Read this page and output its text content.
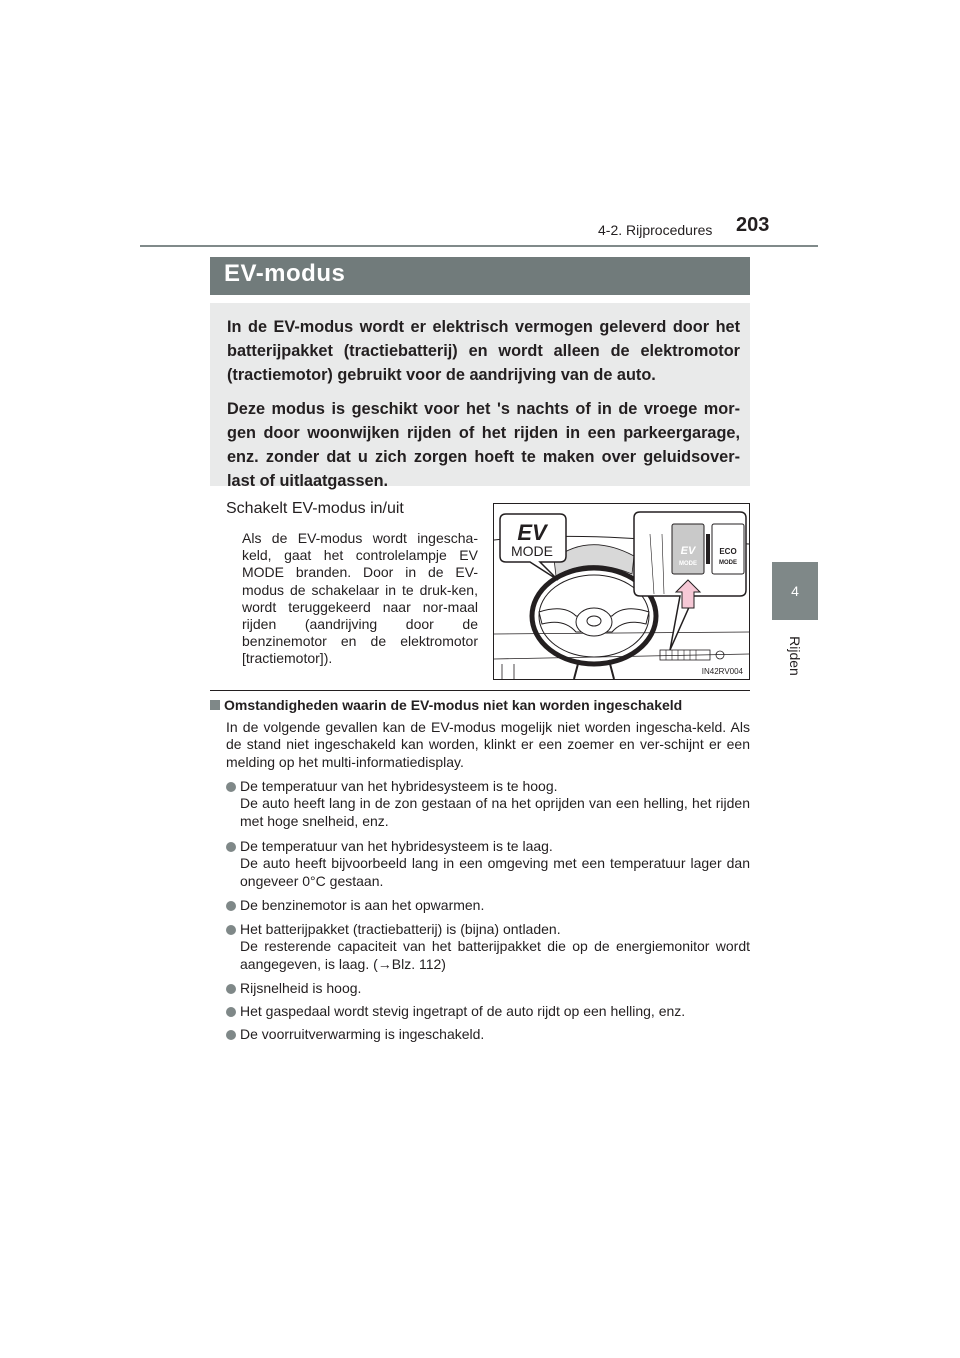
4-2. Rijprocedures 203
4
Rijden
EV-modus

In de EV-modus wordt er elektrisch vermogen geleverd door het batterijpakket (tractiebatterij) en wordt alleen de elektromotor (tractiemotor) gebruikt voor de aandrijving van de auto.

Deze modus is geschikt voor het 's nachts of in de vroege mor-gen door woonwijken rijden of het rijden in een parkeergarage, enz. zonder dat u zich zorgen hoeft te maken over geluidsover-last of uitlaatgassen.

Schakelt EV-modus in/uit
Als de EV-modus wordt ingescha-keld, gaat het controlelampje EV MODE branden. Door in de EV-modus de schakelaar in te druk-ken, wordt teruggekeerd naar nor-maal rijden (aandrijving door de benzinemotor en de elektromotor [tractiemotor]).
EV
MODE	EV
MODE
ECO
MODE
IN42RV004
Omstandigheden waarin de EV-modus niet kan worden ingeschakeld
In de volgende gevallen kan de EV-modus mogelijk niet worden ingescha-keld. Als de stand niet ingeschakeld kan worden, klinkt er een zoemer en ver-schijnt er een melding op het multi-informatiedisplay.
De temperatuur van het hybridesysteem is te hoog.
De auto heeft lang in de zon gestaan of na het oprijden van een helling, het rijden met hoge snelheid, enz.
De temperatuur van het hybridesysteem is te laag.
De auto heeft bijvoorbeeld lang in een omgeving met een temperatuur lager dan ongeveer 0°C gestaan.
De benzinemotor is aan het opwarmen.
Het batterijpakket (tractiebatterij) is (bijna) ontladen.
De resterende capaciteit van het batterijpakket die op de energiemonitor wordt aangegeven, is laag. (→Blz. 112)
Rijsnelheid is hoog.
Het gaspedaal wordt stevig ingetrapt of de auto rijdt op een helling, enz.
De voorruitverwarming is ingeschakeld.
